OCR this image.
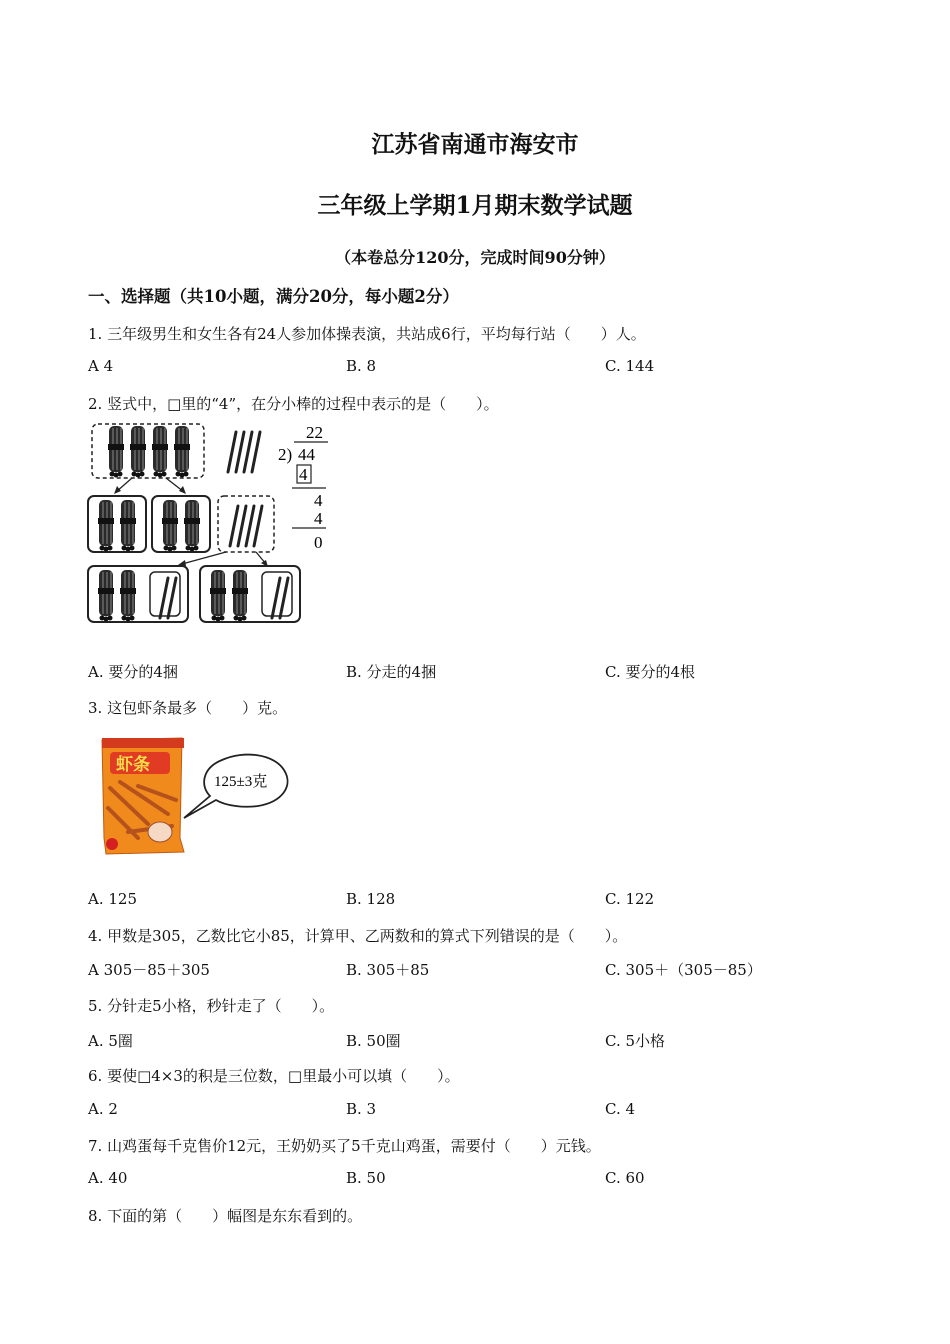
江苏省南通市海安市
三年级上学期1月期末数学试题
（本卷总分120分，完成时间90分钟）
一、选择题（共10小题，满分20分，每小题2分）
1. 三年级男生和女生各有24人参加体操表演，共站成6行，平均每行站（　　）人。
A 4	B. 8	C. 144
2. 竖式中，□里的“4”，在分小棒的过程中表示的是（　　）。
22
2) 44
4
4
4
0
A. 要分的4捆	B. 分走的4捆	C. 要分的4根
3. 这包虾条最多（　　）克。
虾条
125±3克
A. 125	B. 128	C. 122
4. 甲数是305，乙数比它小85，计算甲、乙两数和的算式下列错误的是（　　）。
A 305－85＋305	B. 305＋85	C. 305＋（305－85）
5. 分针走5小格，秒针走了（　　）。
A. 5圈	B. 50圈	C. 5小格
6. 要使□4×3的积是三位数，□里最小可以填（　　）。
A. 2	B. 3	C. 4
7. 山鸡蛋每千克售价12元，王奶奶买了5千克山鸡蛋，需要付（　　）元钱。
A. 40	B. 50	C. 60
8. 下面的第（　　）幅图是东东看到的。
